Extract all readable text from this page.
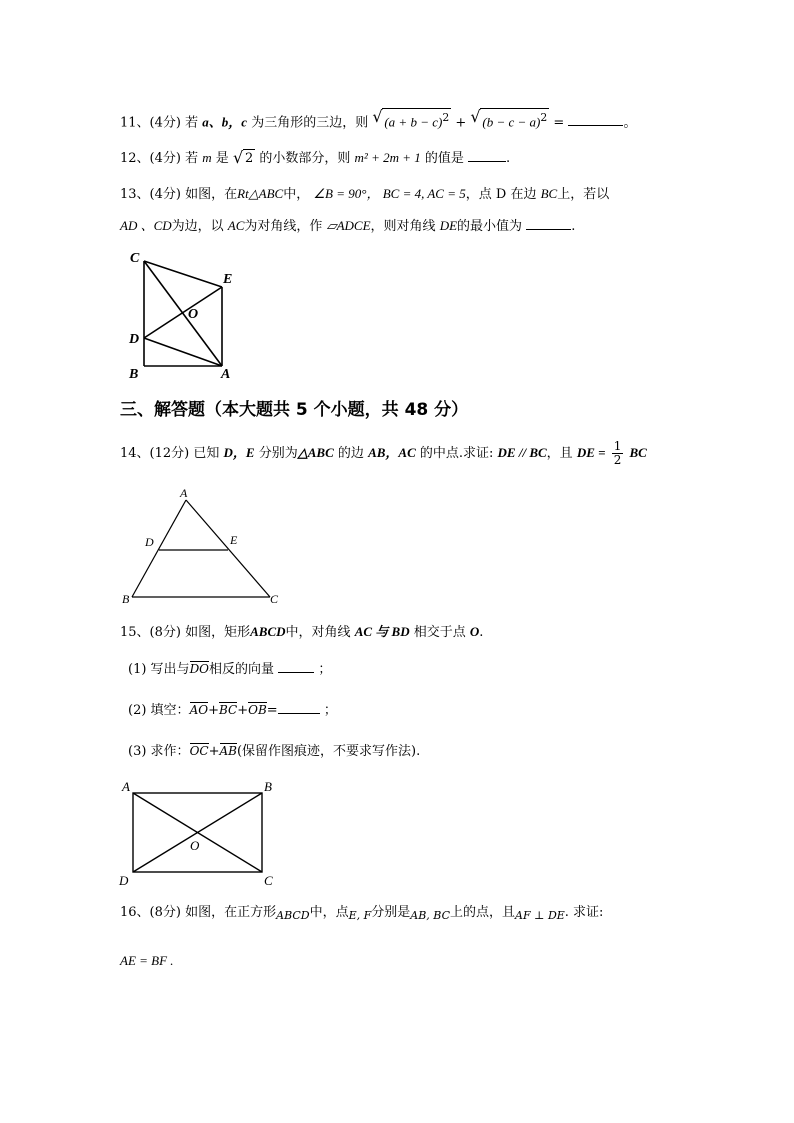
11、(4分) 若 a、b，c 为三角形的三边，则 √ $(a + b - c)^2$ + √ $(b - c - a)^2$ =	。
12、(4分) 若 m 是 √ 2 的小数部分，则 m² + 2m + 1 的值是	.
13、(4分) 如图，在Rt△ABC中， ∠B = 90°， BC = 4, AC = 5，点 D 在边 BC上，若以
AD 、CD为边，以 AC为对角线，作 ▱ADCE，则对角线 DE的最小值为	.
C
E
O
D
B	A
三、解答题（本大题共 5 个小题，共 48 分）
14、(12分) 已知 D，E 分别为△ABC 的边 AB，AC 的中点.求证: DE // BC，且 DE = $\frac{1}{2}$ BC
A
D	E
B	C
15、(8分) 如图，矩形ABCD中，对角线 AC 与 BD 相交于点 O.
(1) 写出与DO相反的向量	；
(2) 填空：AO+BC+OB=	；
(3) 求作：OC+AB(保留作图痕迹，不要求写作法).
A	B
O
D	C
16、(8分) 如图，在正方形$_{ABCD}$中，点$_{E, F}$分别是$_{AB, BC}$上的点，且$_{AF \perp DE}$. 求证:
AE = BF .
